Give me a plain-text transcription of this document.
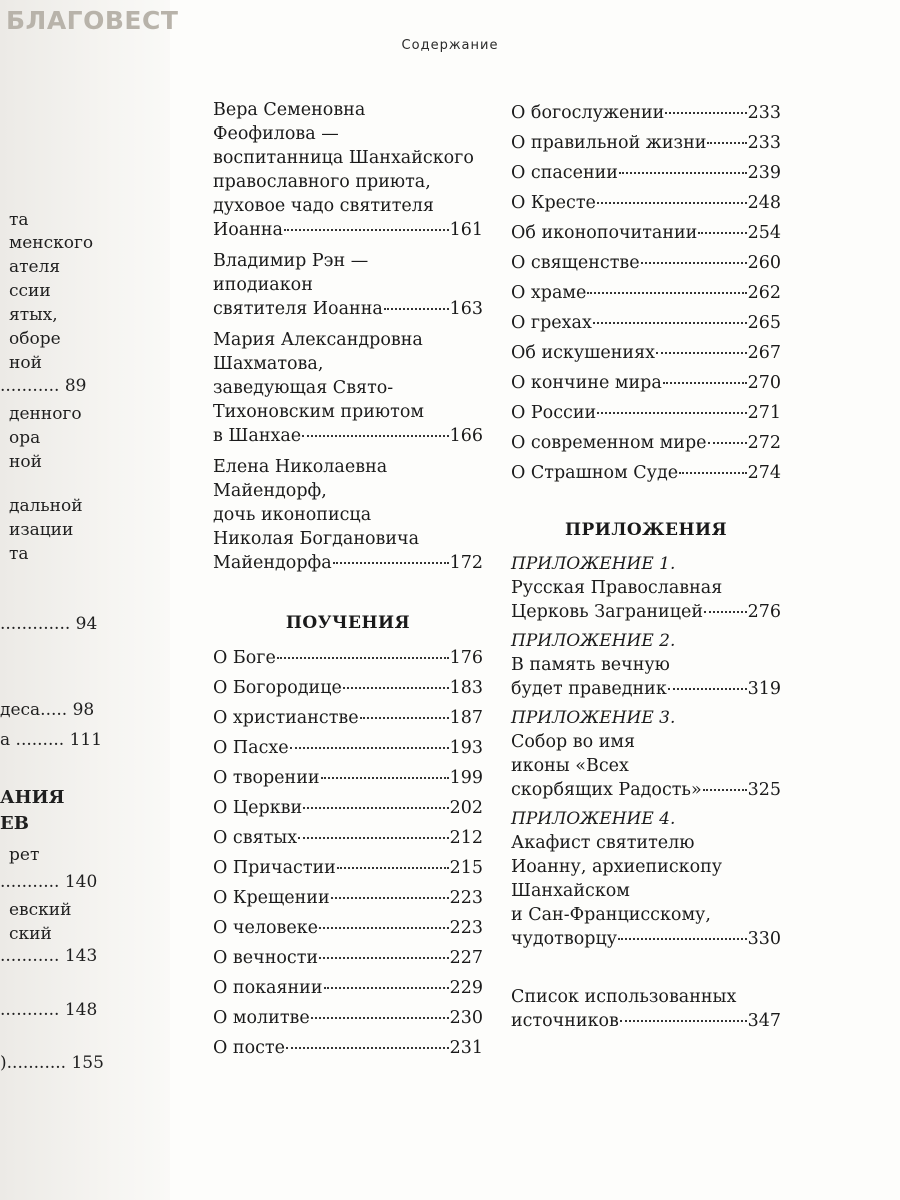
БЛАГОВЕСТ
Содержание
та
менского
ателя
ссии
ятых,
оборе
ной
........... 89
денного
ора
ной
дальной
изации
та
............. 94
деса..... 98
а ......... 111
АНИЯ
ЕВ
рет
........... 140
евский
ский
........... 143
........... 148
)........... 155
Вера Семеновна
Феофилова —
воспитанница Шанхайского
православного приюта,
духовое чадо святителя
Иоанна	161
Владимир Рэн —
иподиакон
святителя Иоанна	163
Мария Александровна
Шахматова,
заведующая Свято-
Тихоновским приютом
в Шанхае	166
Елена Николаевна
Майендорф,
дочь иконописца
Николая Богдановича
Майендорфа	172
ПОУЧЕНИЯ
О Боге	176
О Богородице	183
О христианстве	187
О Пасхе	193
О творении	199
О Церкви	202
О святых	212
О Причастии	215
О Крещении	223
О человеке	223
О вечности	227
О покаянии	229
О молитве	230
О посте	231
О богослужении	233
О правильной жизни 233
О спасении	239
О Кресте	248
Об иконопочитании	254
О священстве	260
О храме	262
О грехах	265
Об искушениях	267
О кончине мира	270
О России	271
О современном мире 272
О Страшном Суде	274
ПРИЛОЖЕНИЯ
ПРИЛОЖЕНИЕ 1.
Русская Православная
Церковь Заграницей	276
ПРИЛОЖЕНИЕ 2.
В память вечную
будет праведник	319
ПРИЛОЖЕНИЕ 3.
Собор во имя
иконы «Всех
скорбящих Радость»	325
ПРИЛОЖЕНИЕ 4.
Акафист святителю
Иоанну, архиепископу
Шанхайском
и Сан-Франциcскому,
чудотворцу	330
Список использованных
источников	347
